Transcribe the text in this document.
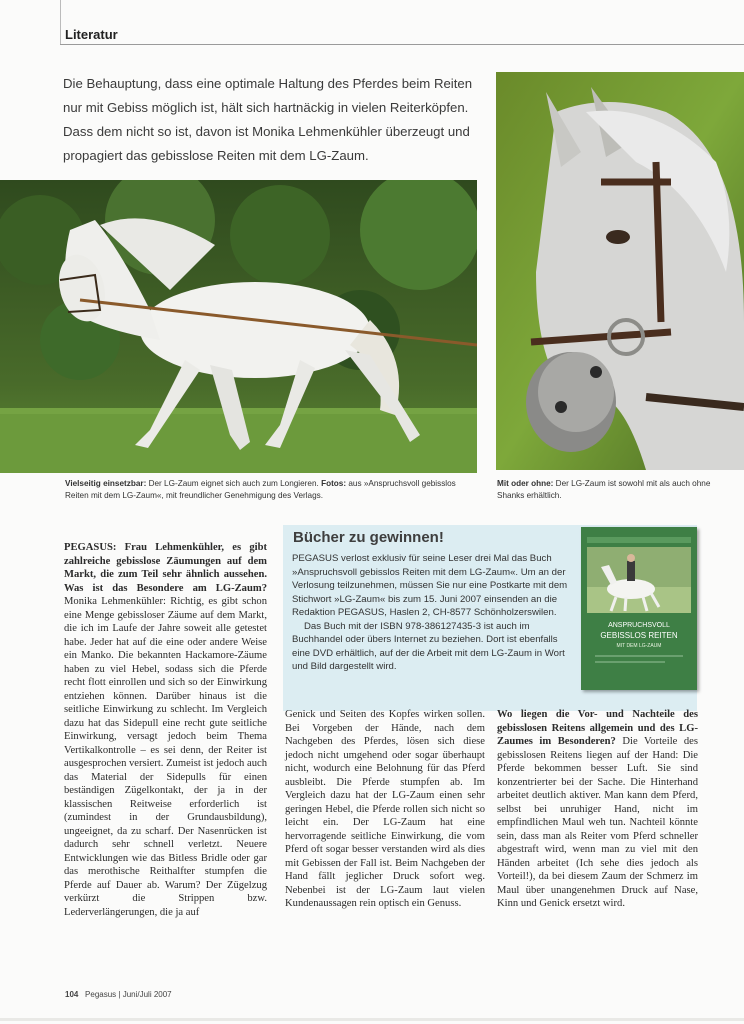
Literatur
Die Behauptung, dass eine optimale Haltung des Pferdes beim Reiten nur mit Gebiss möglich ist, hält sich hartnäckig in vielen Reiterköpfen. Dass dem nicht so ist, davon ist Monika Lehmenkühler überzeugt und propagiert das gebisslose Reiten mit dem LG-Zaum.
Vielseitig einsetzbar: Der LG-Zaum eignet sich auch zum Longieren. Fotos: aus »Anspruchsvoll gebisslos Reiten mit dem LG-Zaum«, mit freundlicher Genehmigung des Verlags.
Mit oder ohne: Der LG-Zaum ist sowohl mit als auch ohne Shanks erhältlich.
PEGASUS: Frau Lehmenkühler, es gibt zahlreiche gebisslose Zäumungen auf dem Markt, die zum Teil sehr ähnlich aussehen. Was ist das Besondere am LG-Zaum? Monika Lehmenkühler: Richtig, es gibt schon eine Menge gebissloser Zäume auf dem Markt, die ich im Laufe der Jahre soweit alle getestet habe. Jeder hat auf die eine oder andere Weise ein Manko. Die bekannten Hackamore-Zäume haben zu viel Hebel, sodass sich die Pferde recht flott einrollen und sich so der Einwirkung entziehen können. Darüber hinaus ist die seitliche Einwirkung zu schlecht. Im Vergleich dazu hat das Sidepull eine recht gute seitliche Einwirkung, versagt jedoch beim Thema Vertikalkontrolle – es sei denn, der Reiter ist ausgesprochen versiert. Zumeist ist jedoch auch das Material der Sidepulls für einen beständigen Zügelkontakt, der ja in der klassischen Reitweise erforderlich ist (zumindest in der Grundausbildung), ungeeignet, da zu scharf. Der Nasenrücken ist dadurch sehr schnell verletzt. Neuere Entwicklungen wie das Bitless Bridle oder gar das merothische Reithalfter stumpfen die Pferde auf Dauer ab. Warum? Der Zügelzug verkürzt die Strippen bzw. Lederverlängerungen, die ja auf
Bücher zu gewinnen!

PEGASUS verlost exklusiv für seine Leser drei Mal das Buch »Anspruchsvoll gebisslos Reiten mit dem LG-Zaum«. Um an der Verlosung teilzunehmen, müssen Sie nur eine Postkarte mit dem Stichwort »LG-Zaum« bis zum 15. Juni 2007 einsenden an die Redaktion PEGASUS, Haslen 2, CH-8577 Schönholzerswilen.

Das Buch mit der ISBN 978-386127435-3 ist auch im Buchhandel oder übers Internet zu beziehen. Dort ist ebenfalls eine DVD erhältlich, auf der die Arbeit mit dem LG-Zaum in Wort und Bild dargestellt wird.

ANSPRUCHSVOLL
GEBISSLOS REITEN
MIT DEM LG-ZAUM
Genick und Seiten des Kopfes wirken sollen. Bei Vorgeben der Hände, nach dem Nachgeben des Pferdes, lösen sich diese jedoch nicht umgehend oder sogar überhaupt nicht, wodurch eine Belohnung für das Pferd ausbleibt. Die Pferde stumpfen ab. Im Vergleich dazu hat der LG-Zaum einen sehr geringen Hebel, die Pferde rollen sich nicht so leicht ein. Der LG-Zaum hat eine hervorragende seitliche Einwirkung, die vom Pferd oft sogar besser verstanden wird als dies mit Gebissen der Fall ist. Beim Nachgeben der Hand fällt jeglicher Druck sofort weg. Nebenbei ist der LG-Zaum laut vielen Kundenaussagen rein optisch ein Genuss.
Wo liegen die Vor- und Nachteile des gebisslosen Reitens allgemein und des LG-Zaumes im Besonderen? Die Vorteile des gebisslosen Reitens liegen auf der Hand: Die Pferde bekommen besser Luft. Sie sind konzentrierter bei der Sache. Die Hinterhand arbeitet deutlich aktiver. Man kann dem Pferd, selbst bei unruhiger Hand, nicht im empfindlichen Maul weh tun. Nachteil könnte sein, dass man als Reiter vom Pferd schneller abgestraft wird, wenn man zu viel mit den Händen arbeitet (Ich sehe dies jedoch als Vorteil!), da bei diesem Zaum der Schmerz im Maul über unangenehmen Druck auf Nase, Kinn und Genick ersetzt wird.
104 Pegasus | Juni/Juli 2007
